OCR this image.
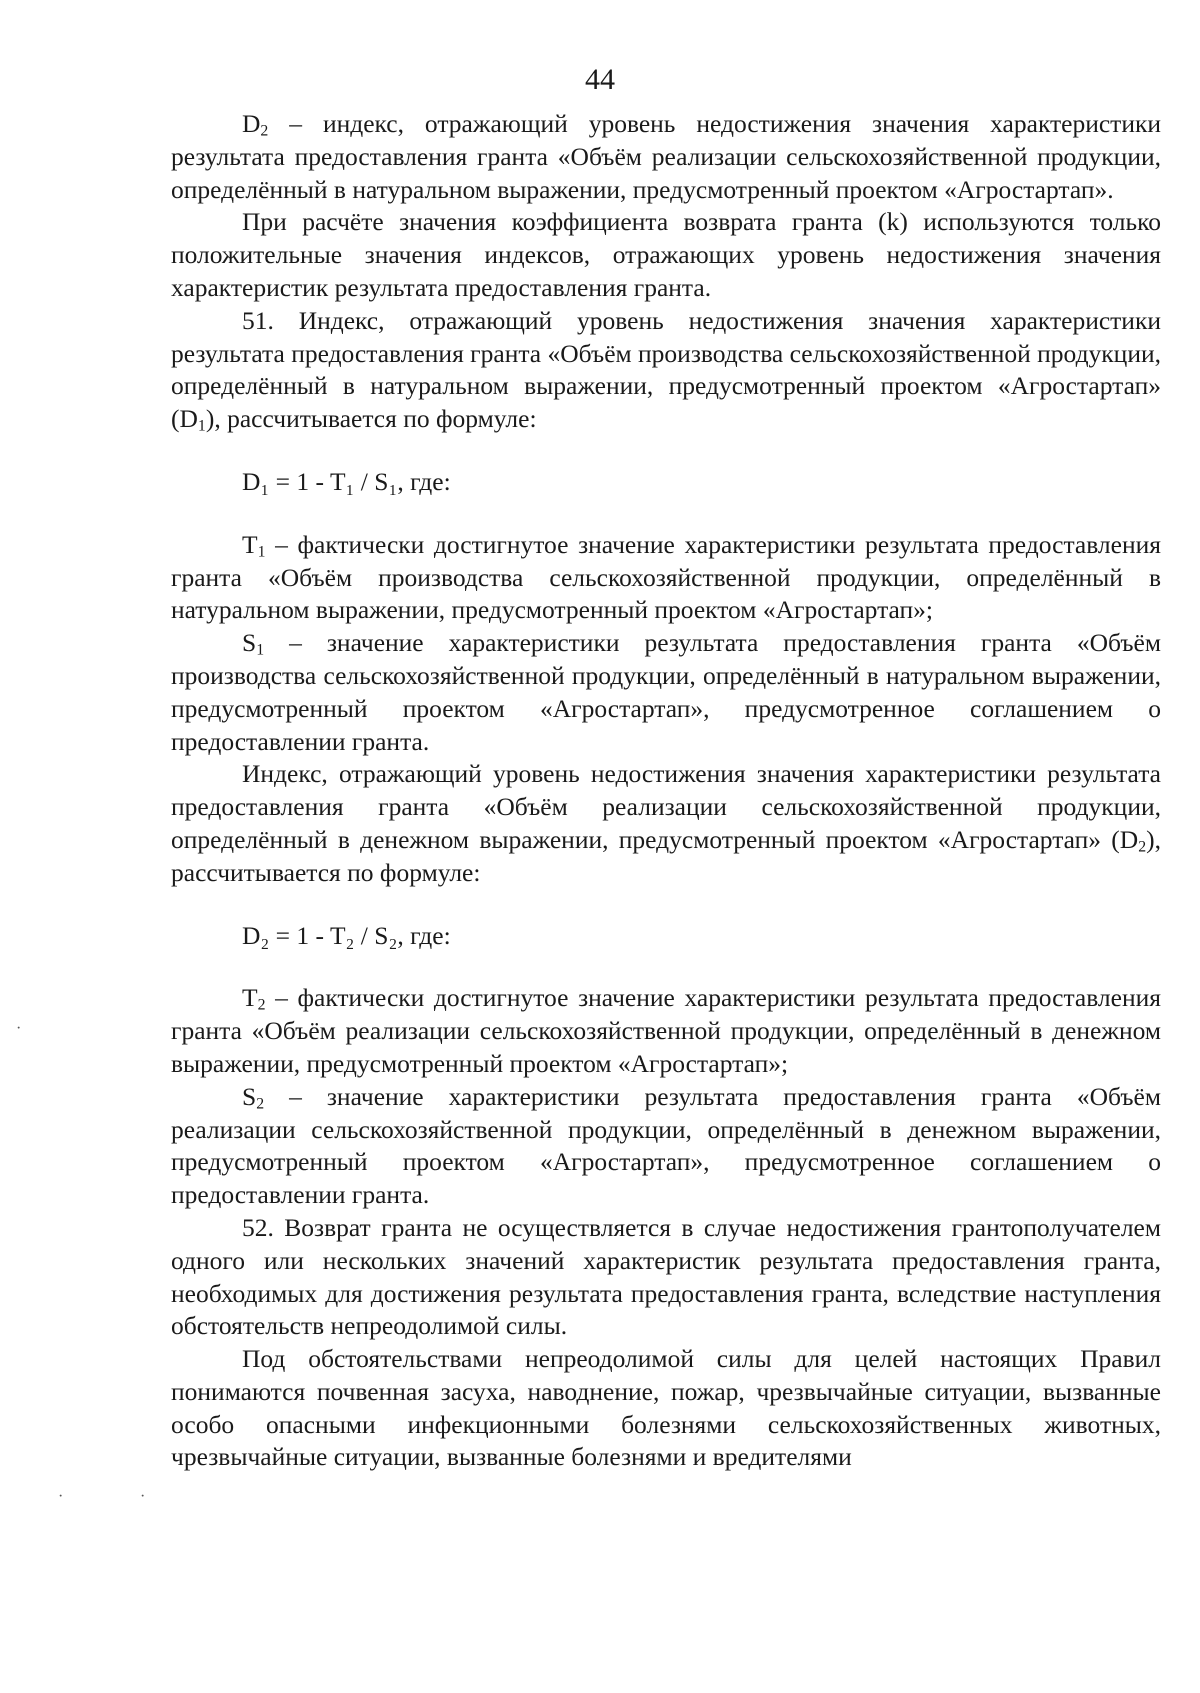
44

$D_2$ – индекс, отражающий уровень недостижения значения характеристики результата предоставления гранта «Объём реализации сельскохозяйственной продукции, определённый в натуральном выражении, предусмотренный проектом «Агростартап».

При расчёте значения коэффициента возврата гранта (k) используются только положительные значения индексов, отражающих уровень недостижения значения характеристик результата предоставления гранта.

51. Индекс, отражающий уровень недостижения значения характеристики результата предоставления гранта «Объём производства сельскохозяйственной продукции, определённый в натуральном выражении, предусмотренный проектом «Агростартап» $(D_1)$, рассчитывается по формуле:

D₁ = 1 - T₁ / S₁, где:

$T_1$ – фактически достигнутое значение характеристики результата предоставления гранта «Объём производства сельскохозяйственной продукции, определённый в натуральном выражении, предусмотренный проектом «Агростартап»;

$S_1$ – значение характеристики результата предоставления гранта «Объём производства сельскохозяйственной продукции, определённый в натуральном выражении, предусмотренный проектом «Агростартап», предусмотренное соглашением о предоставлении гранта.

Индекс, отражающий уровень недостижения значения характеристики результата предоставления гранта «Объём реализации сельскохозяйственной продукции, определённый в денежном выражении, предусмотренный проектом «Агростартап» $(D_2)$, рассчитывается по формуле:

D₂ = 1 - T₂ / S₂, где:

$T_2$ – фактически достигнутое значение характеристики результата предоставления гранта «Объём реализации сельскохозяйственной продукции, определённый в денежном выражении, предусмотренный проектом «Агростартап»;

$S_2$ – значение характеристики результата предоставления гранта «Объём реализации сельскохозяйственной продукции, определённый в денежном выражении, предусмотренный проектом «Агростартап», предусмотренное соглашением о предоставлении гранта.

52. Возврат гранта не осуществляется в случае недостижения грантополучателем одного или нескольких значений характеристик результата предоставления гранта, необходимых для достижения результата предоставления гранта, вследствие наступления обстоятельств непреодолимой силы.

Под обстоятельствами непреодолимой силы для целей настоящих Правил понимаются почвенная засуха, наводнение, пожар, чрезвычайные ситуации, вызванные особо опасными инфекционными болезнями сельскохозяйственных животных, чрезвычайные ситуации, вызванные болезнями и вредителями

·
·	·
